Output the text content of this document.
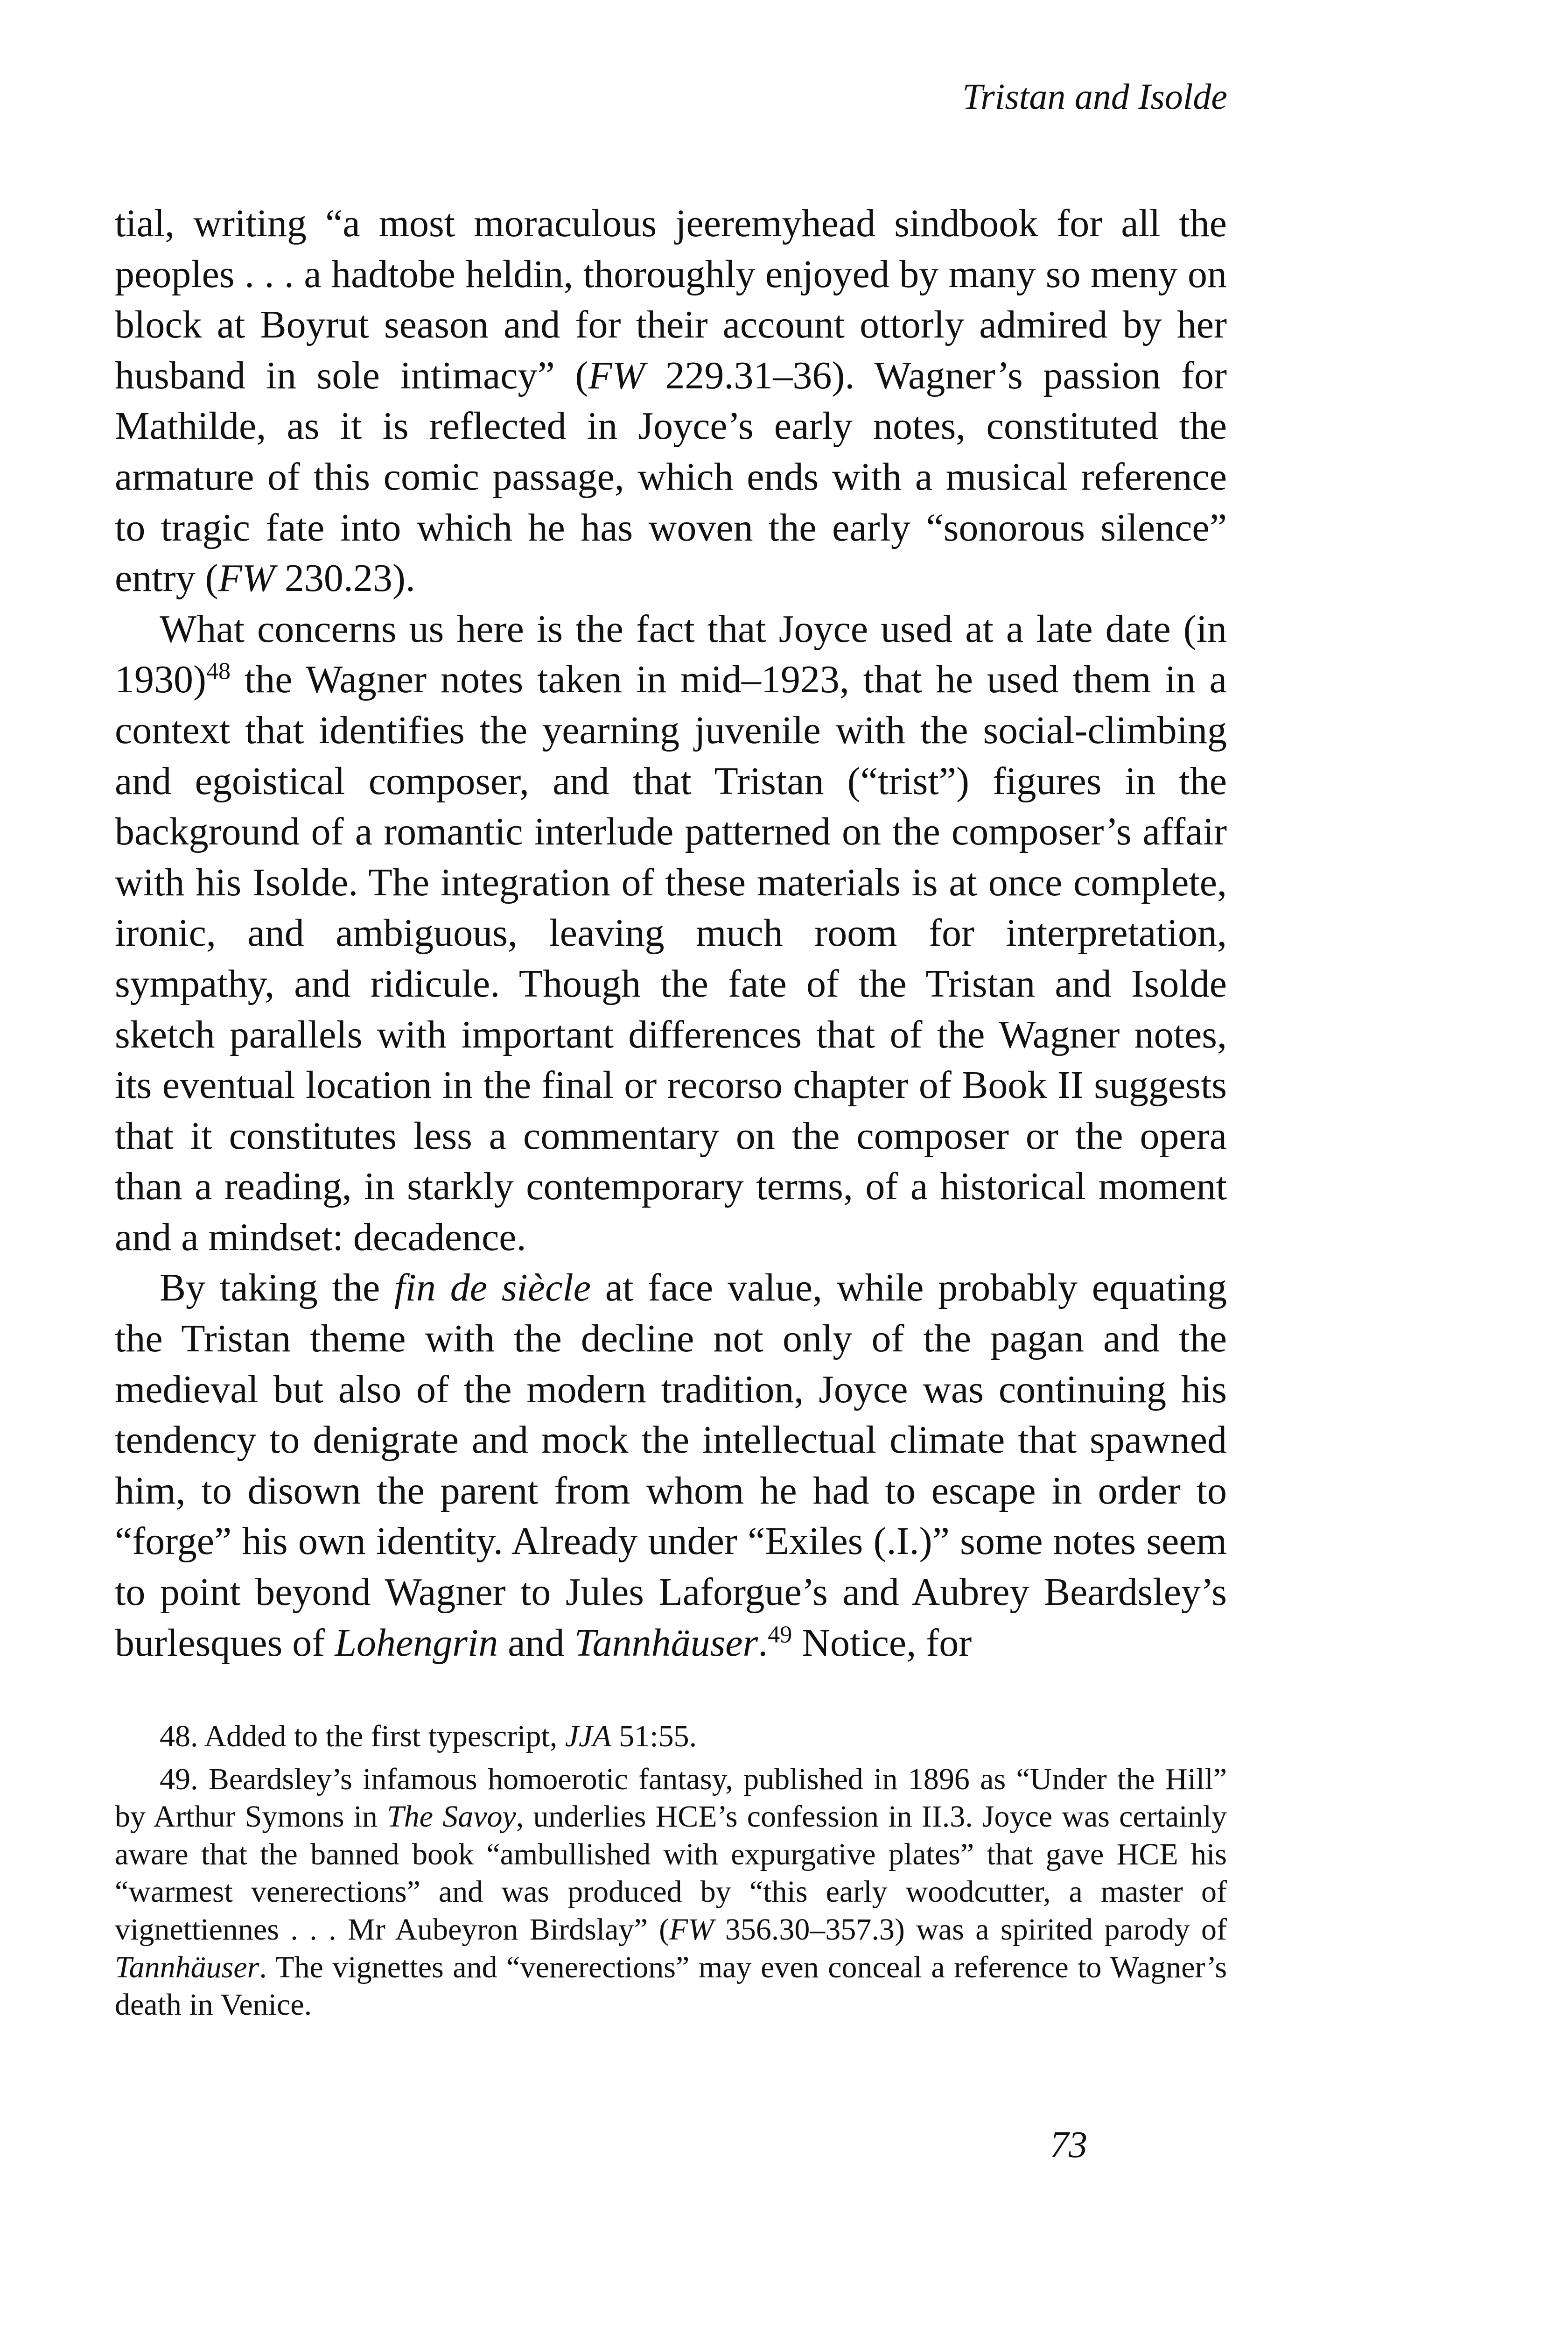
Tristan and Isolde

tial, writing “a most moraculous jeeremyhead sindbook for all the peoples . . . a hadtobe heldin, thoroughly enjoyed by many so meny on block at Boyrut season and for their account ottorly admired by her husband in sole intimacy” (FW 229.31–36). Wagner’s passion for Mathilde, as it is reflected in Joyce’s early notes, constituted the armature of this comic passage, which ends with a musical reference to tragic fate into which he has woven the early “sonorous silence” entry (FW 230.23).

What concerns us here is the fact that Joyce used at a late date (in 1930)$^{48}$ the Wagner notes taken in mid–1923, that he used them in a context that identifies the yearning juvenile with the social-climbing and egoistical composer, and that Tristan (“trist”) figures in the background of a romantic interlude patterned on the composer’s affair with his Isolde. The integration of these materials is at once complete, ironic, and ambiguous, leaving much room for interpretation, sympathy, and ridicule. Though the fate of the Tristan and Isolde sketch parallels with important differences that of the Wagner notes, its eventual location in the final or recorso chapter of Book II suggests that it constitutes less a commentary on the composer or the opera than a reading, in starkly contemporary terms, of a historical moment and a mindset: decadence.

By taking the fin de siècle at face value, while probably equating the Tristan theme with the decline not only of the pagan and the medieval but also of the modern tradition, Joyce was continuing his tendency to denigrate and mock the intellectual climate that spawned him, to disown the parent from whom he had to escape in order to “forge” his own identity. Already under “Exiles (.I.)” some notes seem to point beyond Wagner to Jules Laforgue’s and Aubrey Beardsley’s burlesques of Lohengrin and Tannhäuser.$^{49}$ Notice, for

48. Added to the first typescript, JJA 51:55.

49. Beardsley’s infamous homoerotic fantasy, published in 1896 as “Under the Hill” by Arthur Symons in The Savoy, underlies HCE’s confession in II.3. Joyce was certainly aware that the banned book “ambullished with expurgative plates” that gave HCE his “warmest venerections” and was produced by “this early woodcutter, a master of vignettiennes . . . Mr Aubeyron Birdslay” (FW 356.30–357.3) was a spirited parody of Tannhäuser. The vignettes and “venerections” may even conceal a reference to Wagner’s death in Venice.

73
